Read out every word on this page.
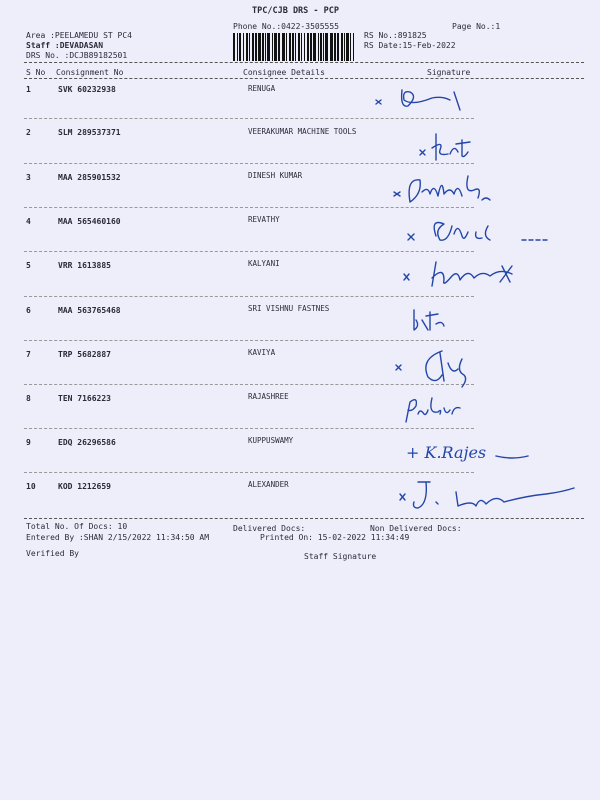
TPC/CJB DRS - PCP
Phone No.:0422-3505555	Page No.:1
Area :PEELAMEDU ST PC4
Staff :DEVADASAN
DRS No. :DCJB89182501
RS No.:891825
RS Date:15-Feb-2022
S No Consignment No	Consignee Details	Signature
1	SVK 60232938	RENUGA
2	SLM 289537371	VEERAKUMAR MACHINE TOOLS
3	MAA 285901532	DINESH KUMAR
4	MAA 565460160	REVATHY
5	VRR 1613885	KALYANI
6	MAA 563765468	SRI VISHNU FASTNES
7	TRP 5682887	KAVIYA
8	TEN 7166223	RAJASHREE
9	EDQ 26296586	KUPPUSWAMY
10	KOD 1212659	ALEXANDER
+ K.Rajes
Total No. Of Docs: 10	Delivered Docs:	Non Delivered Docs:
Entered By :SHAN 2/15/2022 11:34:50 AM	Printed On: 15-02-2022 11:34:49
Verified By	Staff Signature
